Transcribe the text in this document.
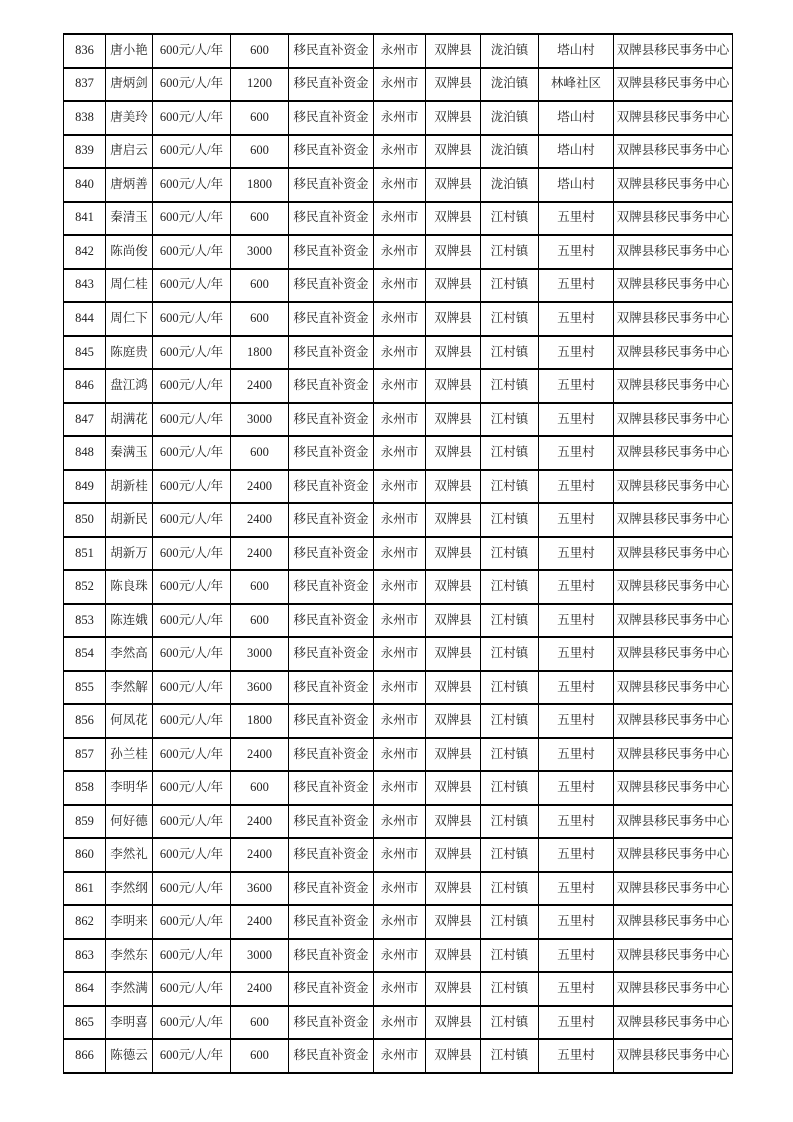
836	唐小艳	600元/人/年	600	移民直补资金	永州市	双牌县	泷泊镇	塔山村	双牌县移民事务中心
837	唐炳剑	600元/人/年	1200	移民直补资金	永州市	双牌县	泷泊镇	林峰社区	双牌县移民事务中心
838	唐美玲	600元/人/年	600	移民直补资金	永州市	双牌县	泷泊镇	塔山村	双牌县移民事务中心
839	唐启云	600元/人/年	600	移民直补资金	永州市	双牌县	泷泊镇	塔山村	双牌县移民事务中心
840	唐炳善	600元/人/年	1800	移民直补资金	永州市	双牌县	泷泊镇	塔山村	双牌县移民事务中心
841	秦清玉	600元/人/年	600	移民直补资金	永州市	双牌县	江村镇	五里村	双牌县移民事务中心
842	陈尚俊	600元/人/年	3000	移民直补资金	永州市	双牌县	江村镇	五里村	双牌县移民事务中心
843	周仁桂	600元/人/年	600	移民直补资金	永州市	双牌县	江村镇	五里村	双牌县移民事务中心
844	周仁下	600元/人/年	600	移民直补资金	永州市	双牌县	江村镇	五里村	双牌县移民事务中心
845	陈庭贵	600元/人/年	1800	移民直补资金	永州市	双牌县	江村镇	五里村	双牌县移民事务中心
846	盘江鸿	600元/人/年	2400	移民直补资金	永州市	双牌县	江村镇	五里村	双牌县移民事务中心
847	胡满花	600元/人/年	3000	移民直补资金	永州市	双牌县	江村镇	五里村	双牌县移民事务中心
848	秦满玉	600元/人/年	600	移民直补资金	永州市	双牌县	江村镇	五里村	双牌县移民事务中心
849	胡新桂	600元/人/年	2400	移民直补资金	永州市	双牌县	江村镇	五里村	双牌县移民事务中心
850	胡新民	600元/人/年	2400	移民直补资金	永州市	双牌县	江村镇	五里村	双牌县移民事务中心
851	胡新万	600元/人/年	2400	移民直补资金	永州市	双牌县	江村镇	五里村	双牌县移民事务中心
852	陈良珠	600元/人/年	600	移民直补资金	永州市	双牌县	江村镇	五里村	双牌县移民事务中心
853	陈连娥	600元/人/年	600	移民直补资金	永州市	双牌县	江村镇	五里村	双牌县移民事务中心
854	李然高	600元/人/年	3000	移民直补资金	永州市	双牌县	江村镇	五里村	双牌县移民事务中心
855	李然解	600元/人/年	3600	移民直补资金	永州市	双牌县	江村镇	五里村	双牌县移民事务中心
856	何凤花	600元/人/年	1800	移民直补资金	永州市	双牌县	江村镇	五里村	双牌县移民事务中心
857	孙兰桂	600元/人/年	2400	移民直补资金	永州市	双牌县	江村镇	五里村	双牌县移民事务中心
858	李明华	600元/人/年	600	移民直补资金	永州市	双牌县	江村镇	五里村	双牌县移民事务中心
859	何好德	600元/人/年	2400	移民直补资金	永州市	双牌县	江村镇	五里村	双牌县移民事务中心
860	李然礼	600元/人/年	2400	移民直补资金	永州市	双牌县	江村镇	五里村	双牌县移民事务中心
861	李然纲	600元/人/年	3600	移民直补资金	永州市	双牌县	江村镇	五里村	双牌县移民事务中心
862	李明来	600元/人/年	2400	移民直补资金	永州市	双牌县	江村镇	五里村	双牌县移民事务中心
863	李然东	600元/人/年	3000	移民直补资金	永州市	双牌县	江村镇	五里村	双牌县移民事务中心
864	李然满	600元/人/年	2400	移民直补资金	永州市	双牌县	江村镇	五里村	双牌县移民事务中心
865	李明喜	600元/人/年	600	移民直补资金	永州市	双牌县	江村镇	五里村	双牌县移民事务中心
866	陈德云	600元/人/年	600	移民直补资金	永州市	双牌县	江村镇	五里村	双牌县移民事务中心
